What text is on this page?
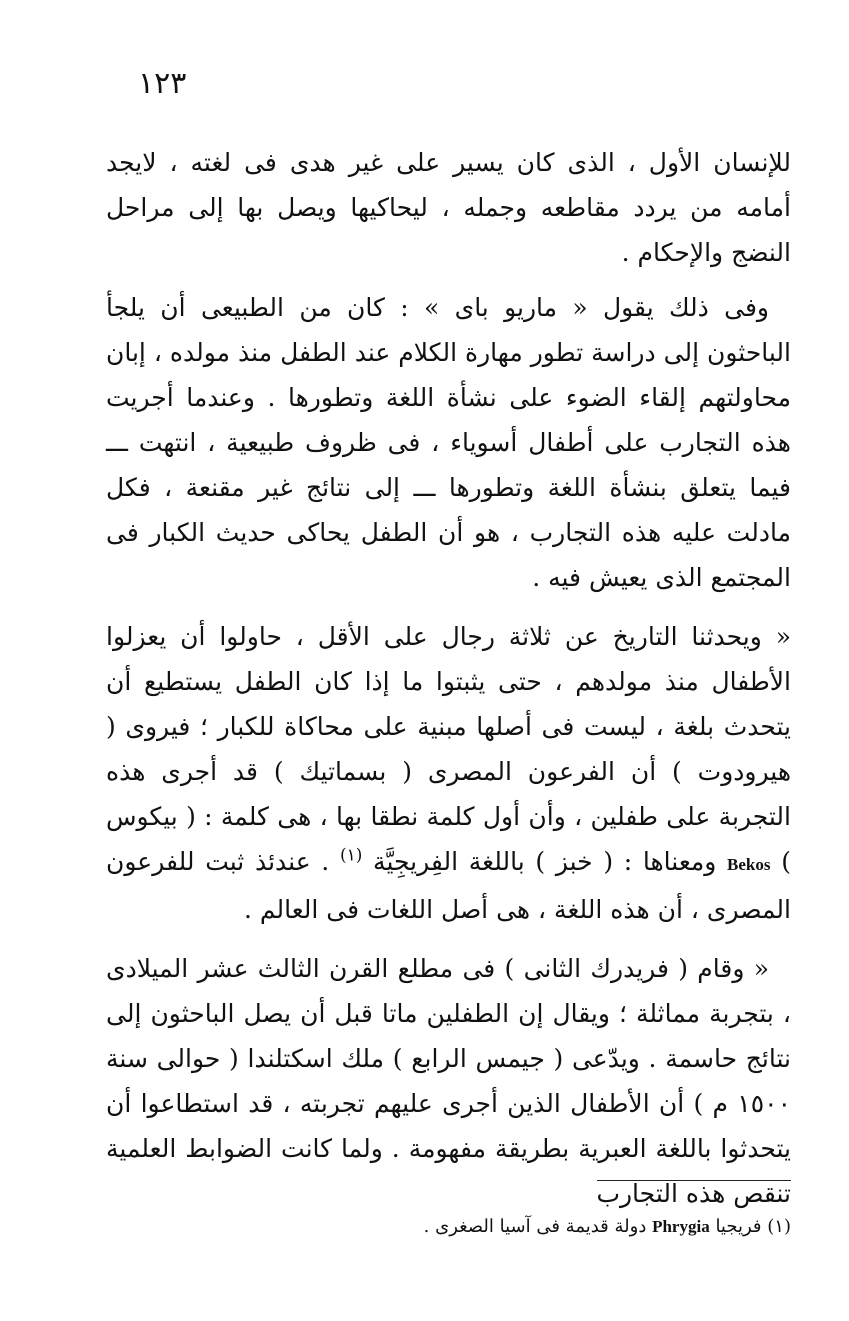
١٢٣

للإنسان الأول ، الذى كان يسير على غير هدى فى لغته ، لايجد أمامه من يردد مقاطعه وجمله ، ليحاكيها ويصل بها إلى مراحل النضج والإحكام .

وفى ذلك يقول « ماريو باى » : كان من الطبيعى أن يلجأ الباحثون إلى دراسة تطور مهارة الكلام عند الطفل منذ مولده ، إبان محاولتهم إلقاء الضوء على نشأة اللغة وتطورها . وعندما أجريت هذه التجارب على أطفال أسوياء ، فى ظروف طبيعية ، انتهت ـــ فيما يتعلق بنشأة اللغة وتطورها ـــ إلى نتائج غير مقنعة ، فكل مادلت عليه هذه التجارب ، هو أن الطفل يحاكى حديث الكبار فى المجتمع الذى يعيش فيه .

« ويحدثنا التاريخ عن ثلاثة رجال على الأقل ، حاولوا أن يعزلوا الأطفال منذ مولدهم ، حتى يثبتوا ما إذا كان الطفل يستطيع أن يتحدث بلغة ، ليست فى أصلها مبنية على محاكاة للكبار ؛ فيروى ( هيرودوت ) أن الفرعون المصرى ( بسماتيك ) قد أجرى هذه التجربة على طفلين ، وأن أول كلمة نطقا بها ، هى كلمة : ( بيكوس ) Bekos ومعناها : ( خبز ) باللغة الفِريجِيَّة $^{(١)}$ . عندئذ ثبت للفرعون المصرى ، أن هذه اللغة ، هى أصل اللغات فى العالم .

« وقام ( فريدرك الثانى ) فى مطلع القرن الثالث عشر الميلادى ، بتجربة مماثلة ؛ ويقال إن الطفلين ماتا قبل أن يصل الباحثون إلى نتائج حاسمة . ويدّعى ( جيمس الرابع ) ملك اسكتلندا ( حوالى سنة ١٥٠٠ م ) أن الأطفال الذين أجرى عليهم تجربته ، قد استطاعوا أن يتحدثوا باللغة العبرية بطريقة مفهومة . ولما كانت الضوابط العلمية تنقص هذه التجارب

(١) فريجيا Phrygia دولة قديمة فى آسيا الصغرى .
